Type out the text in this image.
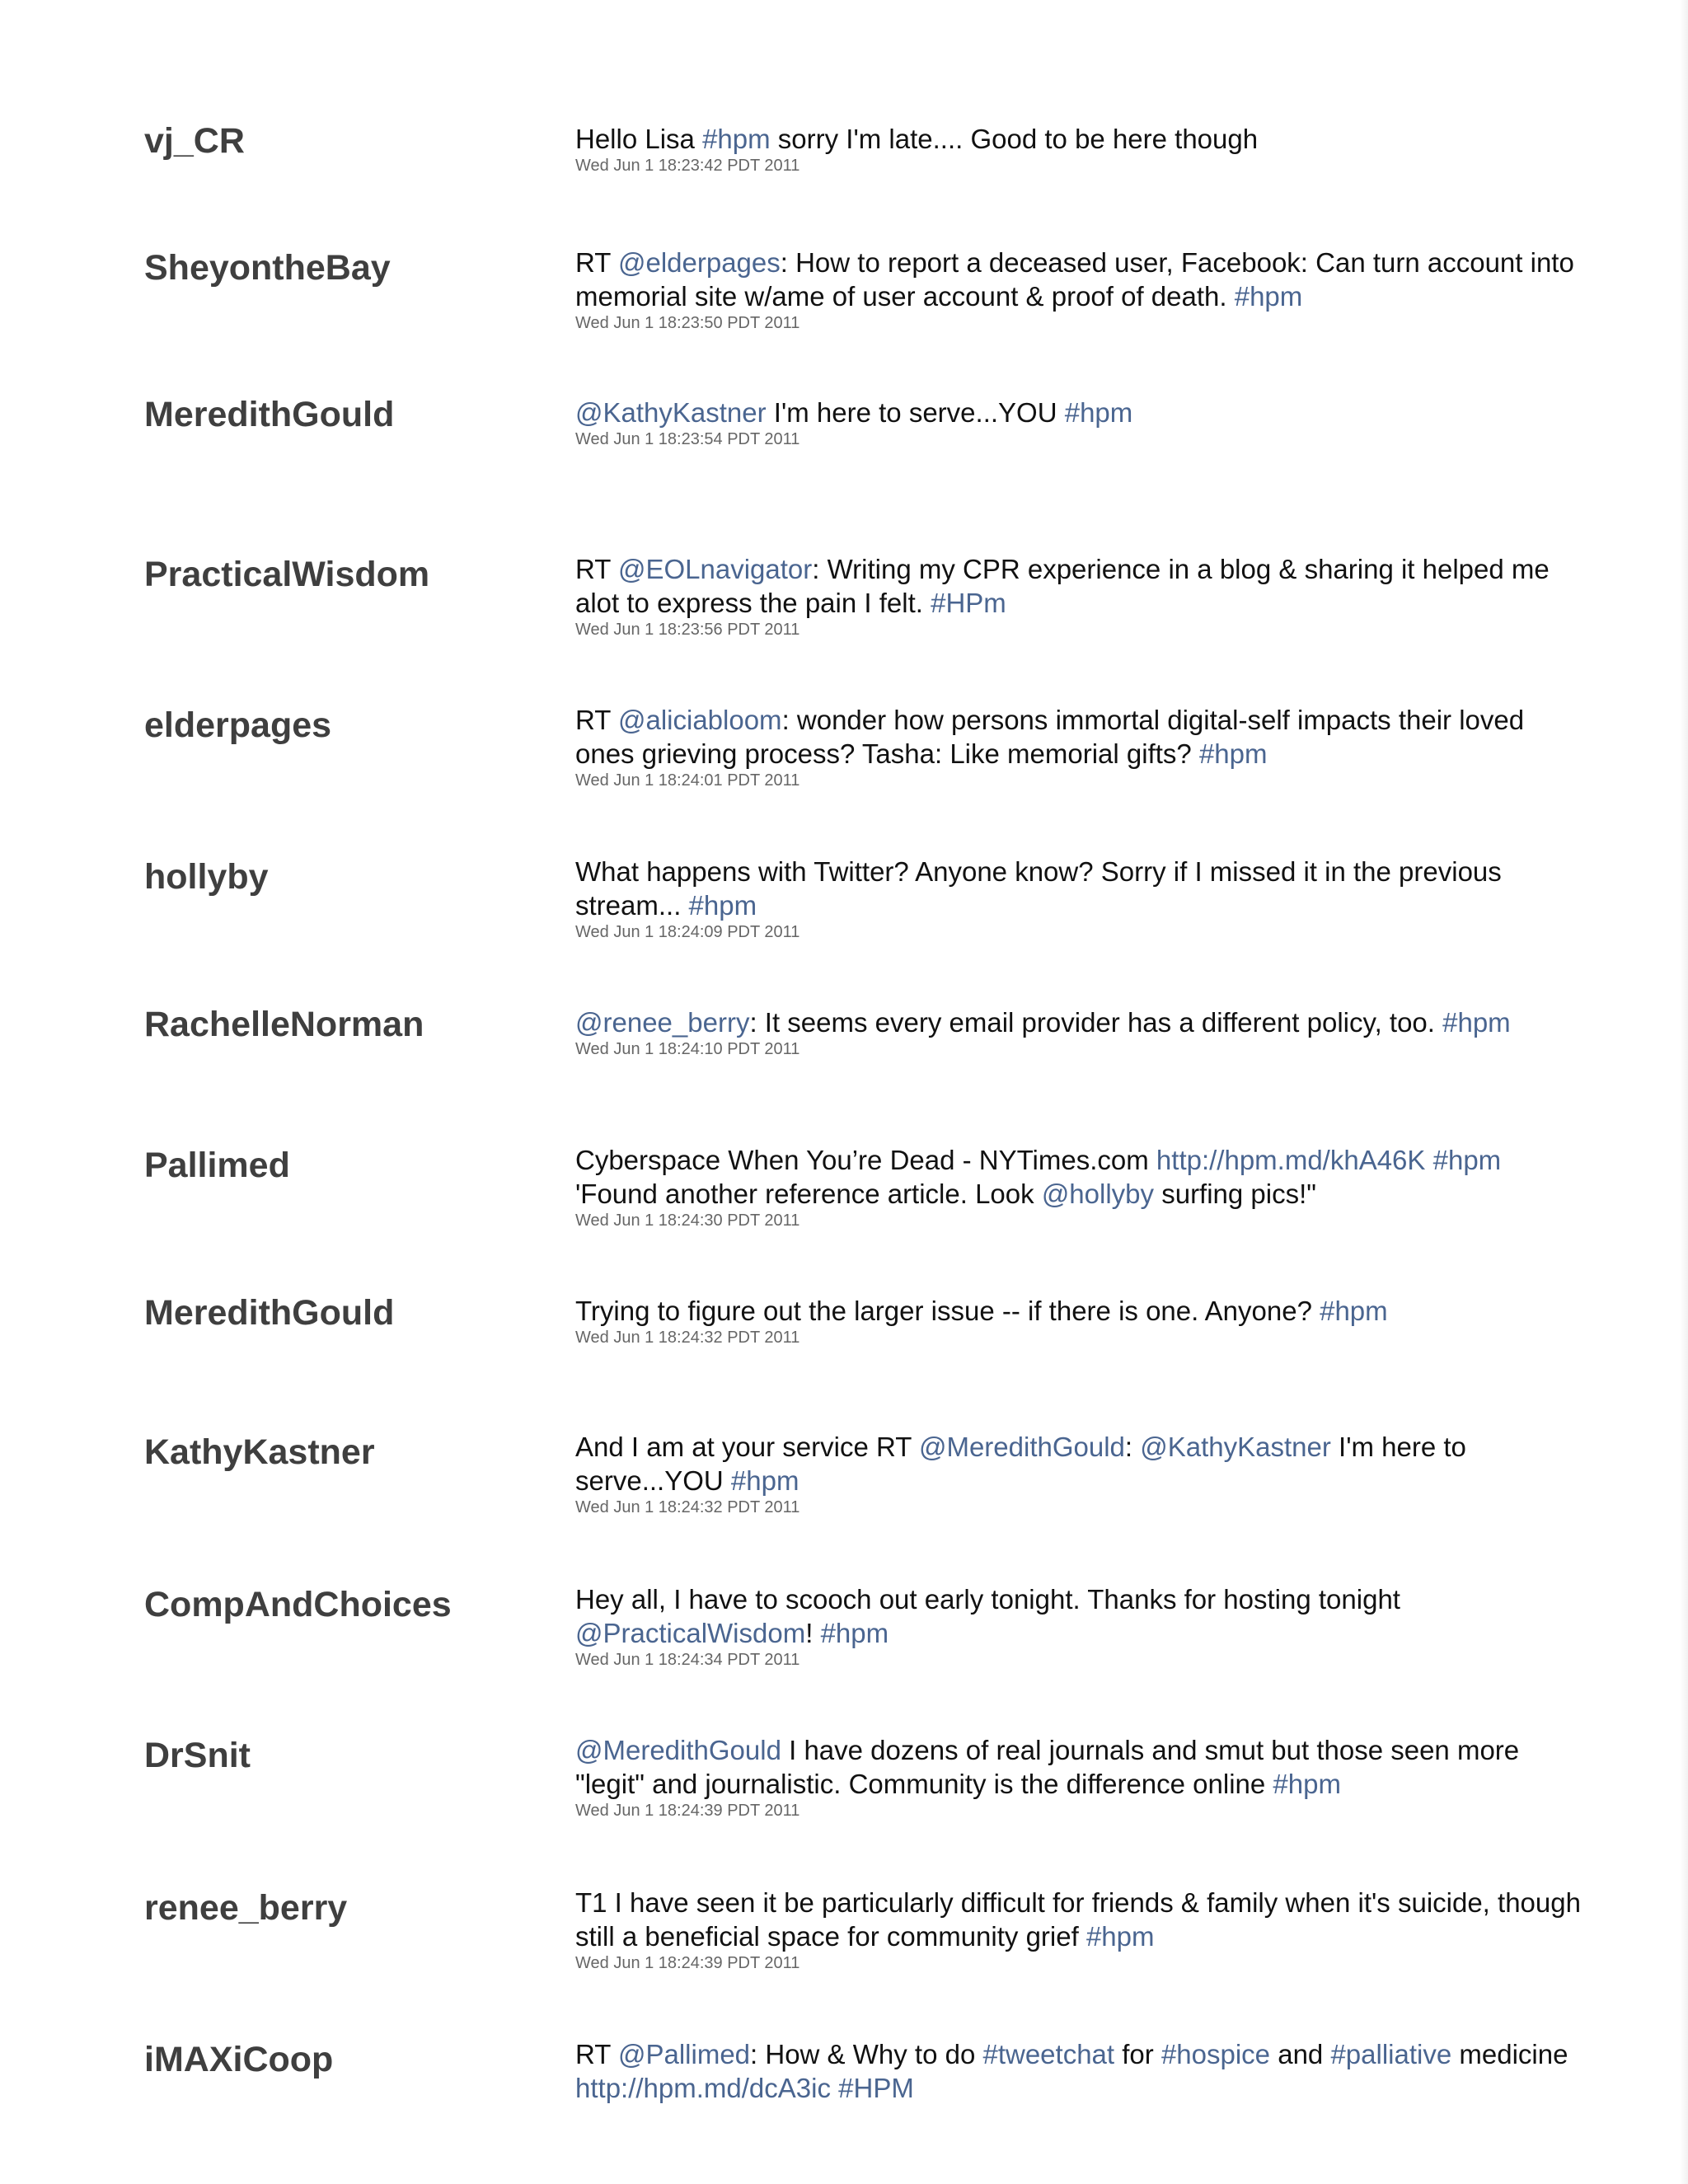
vj_CR	Hello Lisa #hpm sorry I'm late.... Good to be here though
Wed Jun 1 18:23:42 PDT 2011
SheyontheBay	RT @elderpages: How to report a deceased user, Facebook: Can turn account into
memorial site w/ame of user account & proof of death. #hpm
Wed Jun 1 18:23:50 PDT 2011
MeredithGould	@KathyKastner I'm here to serve...YOU #hpm
Wed Jun 1 18:23:54 PDT 2011
PracticalWisdom	RT @EOLnavigator: Writing my CPR experience in a blog & sharing it helped me
alot to express the pain I felt. #HPm
Wed Jun 1 18:23:56 PDT 2011
elderpages	RT @aliciabloom: wonder how persons immortal digital-self impacts their loved
ones grieving process? Tasha: Like memorial gifts? #hpm
Wed Jun 1 18:24:01 PDT 2011
hollyby	What happens with Twitter? Anyone know? Sorry if I missed it in the previous
stream... #hpm
Wed Jun 1 18:24:09 PDT 2011
RachelleNorman	@renee_berry: It seems every email provider has a different policy, too. #hpm
Wed Jun 1 18:24:10 PDT 2011
Pallimed	Cyberspace When You’re Dead - NYTimes.com http://hpm.md/khA46K #hpm
'Found another reference article. Look @hollyby surfing pics!"
Wed Jun 1 18:24:30 PDT 2011
MeredithGould	Trying to figure out the larger issue -- if there is one. Anyone? #hpm
Wed Jun 1 18:24:32 PDT 2011
KathyKastner	And I am at your service RT @MeredithGould: @KathyKastner I'm here to
serve...YOU #hpm
Wed Jun 1 18:24:32 PDT 2011
CompAndChoices	Hey all, I have to scooch out early tonight. Thanks for hosting tonight
@PracticalWisdom! #hpm
Wed Jun 1 18:24:34 PDT 2011
DrSnit	@MeredithGould I have dozens of real journals and smut but those seen more
"legit" and journalistic. Community is the difference online #hpm
Wed Jun 1 18:24:39 PDT 2011
renee_berry	T1 I have seen it be particularly difficult for friends & family when it's suicide, though
still a beneficial space for community grief #hpm
Wed Jun 1 18:24:39 PDT 2011
iMAXiCoop	RT @Pallimed: How & Why to do #tweetchat for #hospice and #palliative medicine
http://hpm.md/dcA3ic #HPM
